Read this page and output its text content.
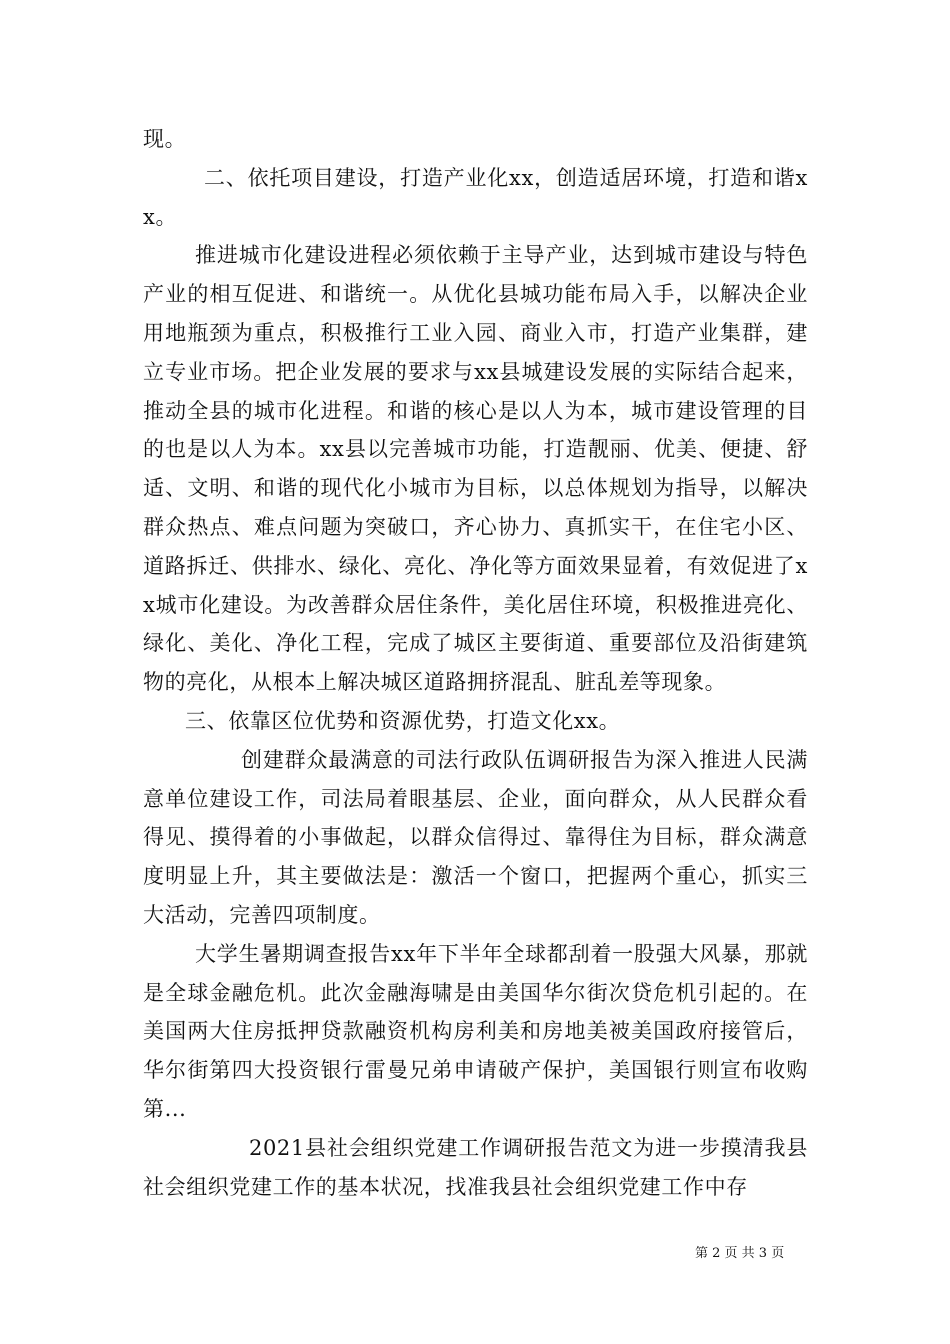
现。

二、依托项目建设，打造产业化xx，创造适居环境，打造和谐xx。

推进城市化建设进程必须依赖于主导产业，达到城市建设与特色产业的相互促进、和谐统一。从优化县城功能布局入手，以解决企业用地瓶颈为重点，积极推行工业入园、商业入市，打造产业集群，建立专业市场。把企业发展的要求与xx县城建设发展的实际结合起来，推动全县的城市化进程。和谐的核心是以人为本，城市建设管理的目的也是以人为本。xx县以完善城市功能，打造靓丽、优美、便捷、舒适、文明、和谐的现代化小城市为目标，以总体规划为指导，以解决群众热点、难点问题为突破口，齐心协力、真抓实干，在住宅小区、道路拆迁、供排水、绿化、亮化、净化等方面效果显着，有效促进了xx城市化建设。为改善群众居住条件，美化居住环境，积极推进亮化、绿化、美化、净化工程，完成了城区主要街道、重要部位及沿街建筑物的亮化，从根本上解决城区道路拥挤混乱、脏乱差等现象。

三、依靠区位优势和资源优势，打造文化xx。

创建群众最满意的司法行政队伍调研报告为深入推进人民满意单位建设工作，司法局着眼基层、企业，面向群众，从人民群众看得见、摸得着的小事做起，以群众信得过、靠得住为目标，群众满意度明显上升，其主要做法是：激活一个窗口，把握两个重心，抓实三大活动，完善四项制度。

大学生暑期调查报告xx年下半年全球都刮着一股强大风暴，那就是全球金融危机。此次金融海啸是由美国华尔街次贷危机引起的。在美国两大住房抵押贷款融资机构房利美和房地美被美国政府接管后，华尔街第四大投资银行雷曼兄弟申请破产保护，美国银行则宣布收购第...

2021县社会组织党建工作调研报告范文为进一步摸清我县社会组织党建工作的基本状况，找准我县社会组织党建工作中存

第 2 页 共 3 页
